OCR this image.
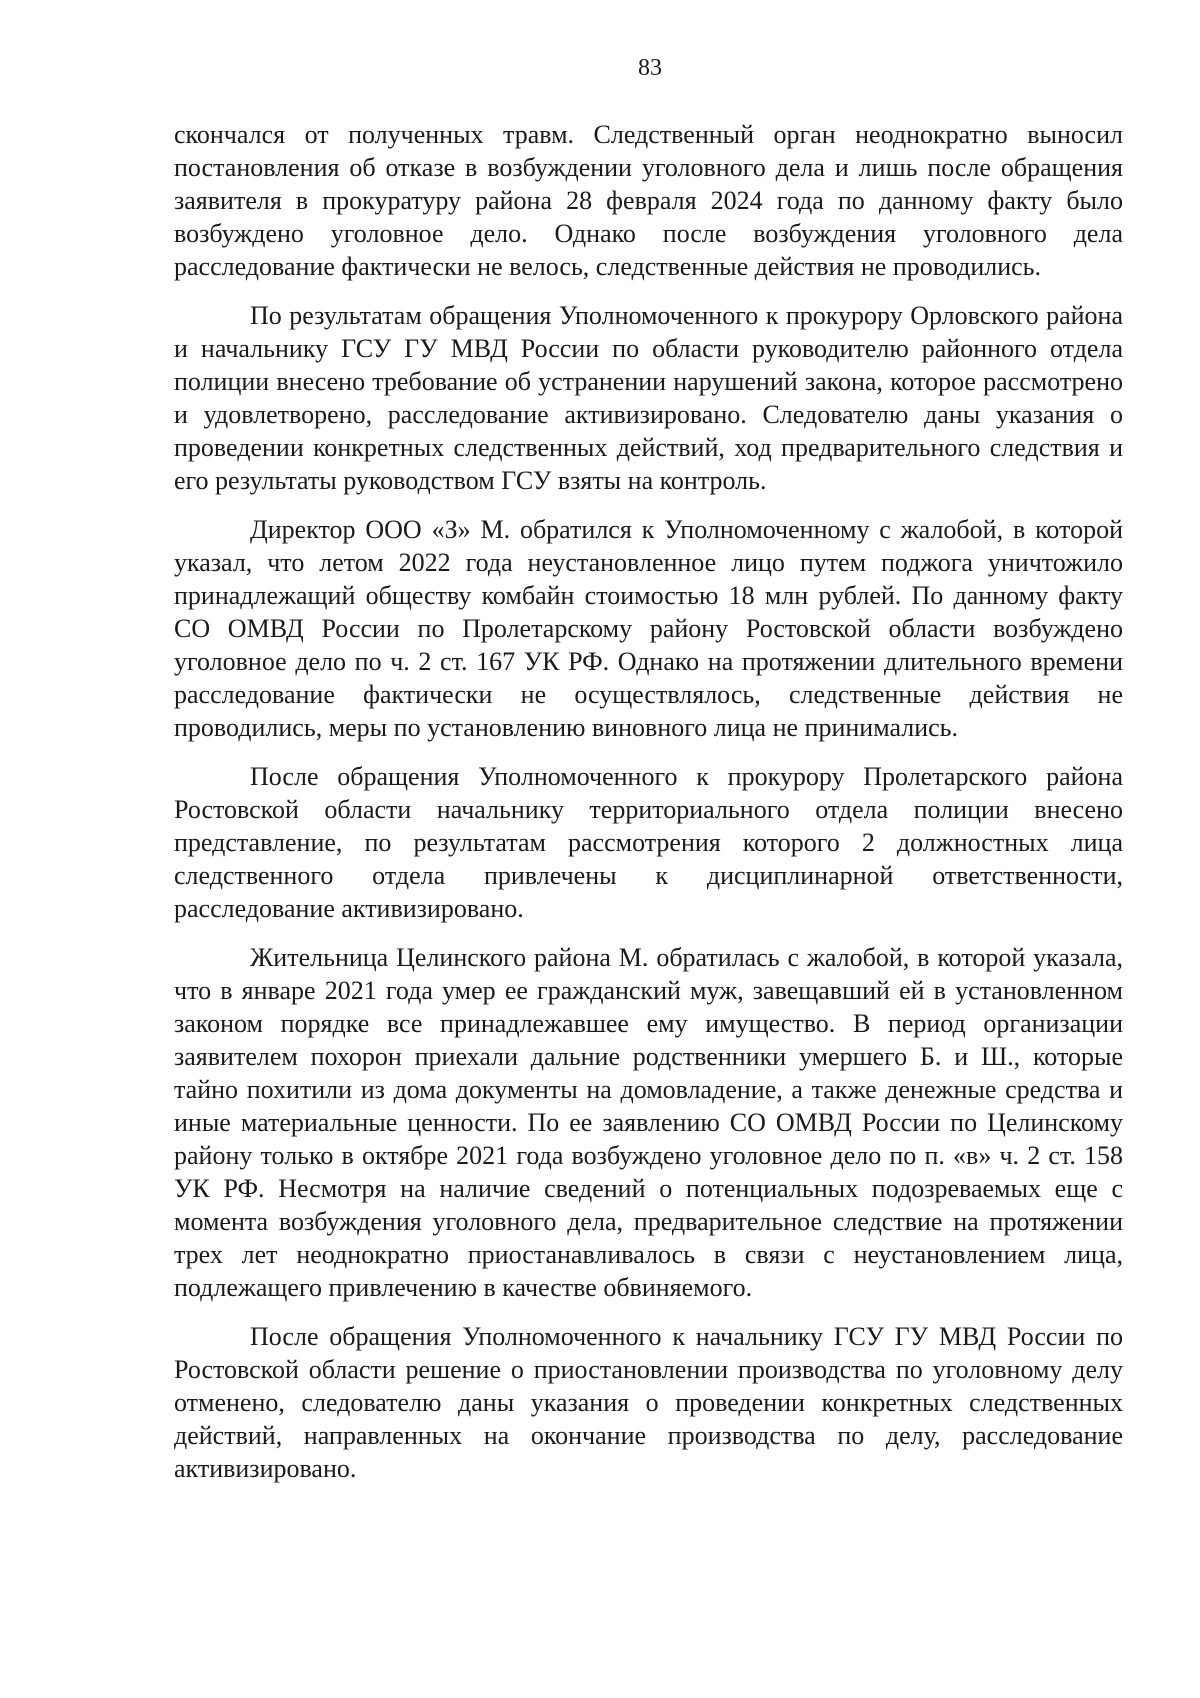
83

скончался от полученных травм. Следственный орган неоднократно выносил постановления об отказе в возбуждении уголовного дела и лишь после обращения заявителя в прокуратуру района 28 февраля 2024 года по данному факту было возбуждено уголовное дело. Однако после возбуждения уголовного дела расследование фактически не велось, следственные действия не проводились.

По результатам обращения Уполномоченного к прокурору Орловского района и начальнику ГСУ ГУ МВД России по области руководителю районного отдела полиции внесено требование об устранении нарушений закона, которое рассмотрено и удовлетворено, расследование активизировано. Следователю даны указания о проведении конкретных следственных действий, ход предварительного следствия и его результаты руководством ГСУ взяты на контроль.

Директор ООО «З» М. обратился к Уполномоченному с жалобой, в которой указал, что летом 2022 года неустановленное лицо путем поджога уничтожило принадлежащий обществу комбайн стоимостью 18 млн рублей. По данному факту СО ОМВД России по Пролетарскому району Ростовской области возбуждено уголовное дело по ч. 2 ст. 167 УК РФ. Однако на протяжении длительного времени расследование фактически не осуществлялось, следственные действия не проводились, меры по установлению виновного лица не принимались.

После обращения Уполномоченного к прокурору Пролетарского района Ростовской области начальнику территориального отдела полиции внесено представление, по результатам рассмотрения которого 2 должностных лица следственного отдела привлечены к дисциплинарной ответственности, расследование активизировано.

Жительница Целинского района М. обратилась с жалобой, в которой указала, что в январе 2021 года умер ее гражданский муж, завещавший ей в установленном законом порядке все принадлежавшее ему имущество. В период организации заявителем похорон приехали дальние родственники умершего Б. и Ш., которые тайно похитили из дома документы на домовладение, а также денежные средства и иные материальные ценности. По ее заявлению СО ОМВД России по Целинскому району только в октябре 2021 года возбуждено уголовное дело по п. «в» ч. 2 ст. 158 УК РФ. Несмотря на наличие сведений о потенциальных подозреваемых еще с момента возбуждения уголовного дела, предварительное следствие на протяжении трех лет неоднократно приостанавливалось в связи с неустановлением лица, подлежащего привлечению в качестве обвиняемого.

После обращения Уполномоченного к начальнику ГСУ ГУ МВД России по Ростовской области решение о приостановлении производства по уголовному делу отменено, следователю даны указания о проведении конкретных следственных действий, направленных на окончание производства по делу, расследование активизировано.
